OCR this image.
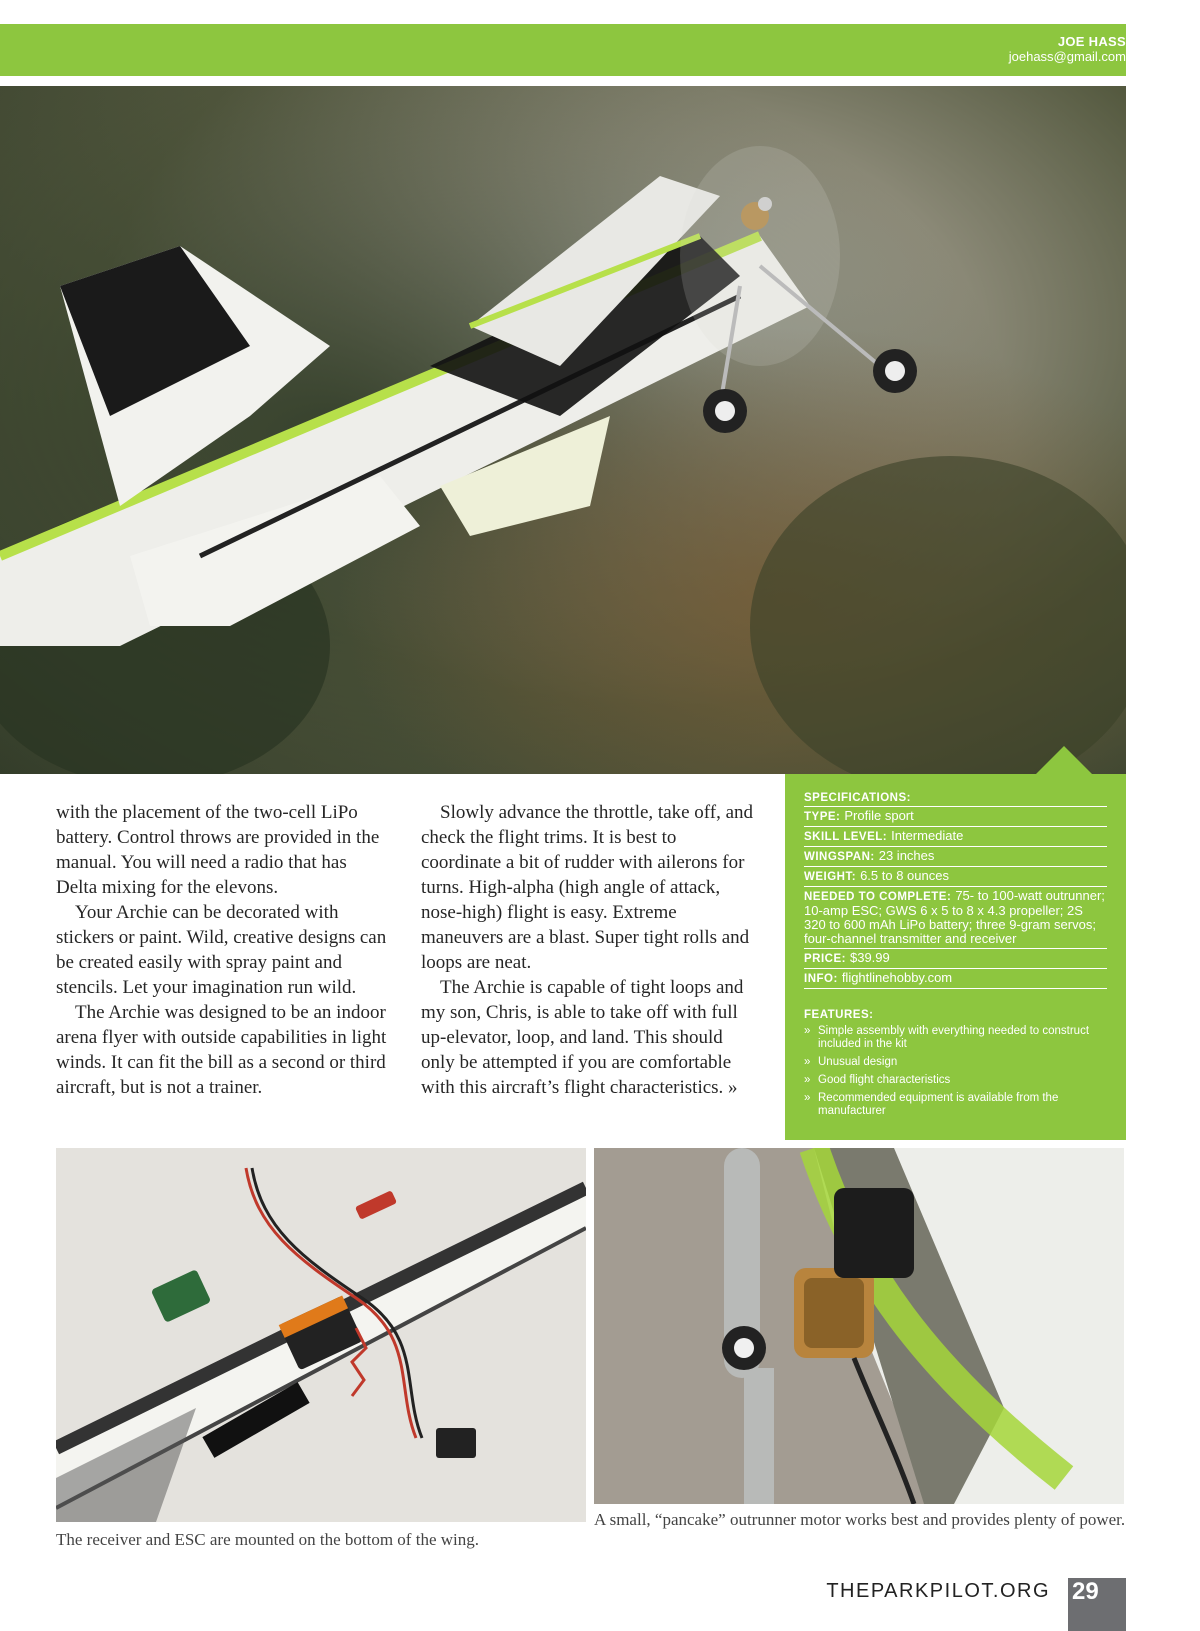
JOE HASS
joehass@gmail.com

with the placement of the two-cell LiPo battery. Control throws are provided in the manual. You will need a radio that has Delta mixing for the elevons.

Your Archie can be decorated with stickers or paint. Wild, creative designs can be created easily with spray paint and stencils. Let your imagination run wild.

The Archie was designed to be an indoor arena flyer with outside capabilities in light winds. It can fit the bill as a second or third aircraft, but is not a trainer.

Slowly advance the throttle, take off, and check the flight trims. It is best to coordinate a bit of rudder with ailerons for turns. High-alpha (high angle of attack, nose-high) flight is easy. Extreme maneuvers are a blast. Super tight rolls and loops are neat.

The Archie is capable of tight loops and my son, Chris, is able to take off with full up-elevator, loop, and land. This should only be attempted if you are comfortable with this aircraft’s flight characteristics. »

SPECIFICATIONS:
TYPE: Profile sport
SKILL LEVEL: Intermediate
WINGSPAN: 23 inches
WEIGHT: 6.5 to 8 ounces
NEEDED TO COMPLETE: 75- to 100-watt outrunner; 10-amp ESC; GWS 6 x 5 to 8 x 4.3 propeller; 2S 320 to 600 mAh LiPo battery; three 9-gram servos; four-channel transmitter and receiver
PRICE: $39.99
INFO: flightlinehobby.com
FEATURES:
» Simple assembly with everything needed to construct included in the kit
» Unusual design
» Good flight characteristics
» Recommended equipment is available from the manufacturer
The receiver and ESC are mounted on the bottom of the wing.
A small, “pancake” outrunner motor works best and provides plenty of power.
THEPARKPILOT.ORG 29
